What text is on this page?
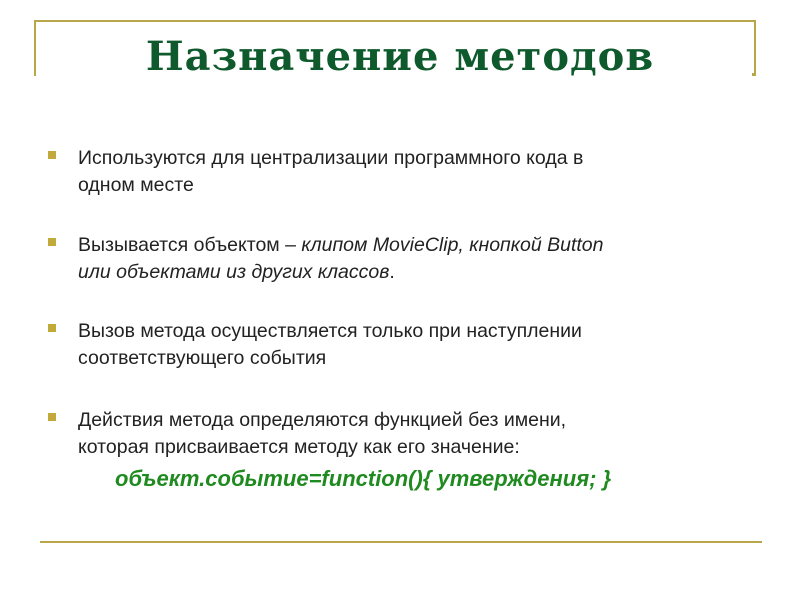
Назначение методов
Используются для централизации программного кода в
одном месте
Вызывается объектом – клипом MovieClip, кнопкой Button
или объектами из других классов.
Вызов метода осуществляется только при наступлении
соответствующего события
Действия метода определяются функцией без имени,
которая присваивается методу как его значение:
объект.событие=function(){ утверждения; }
